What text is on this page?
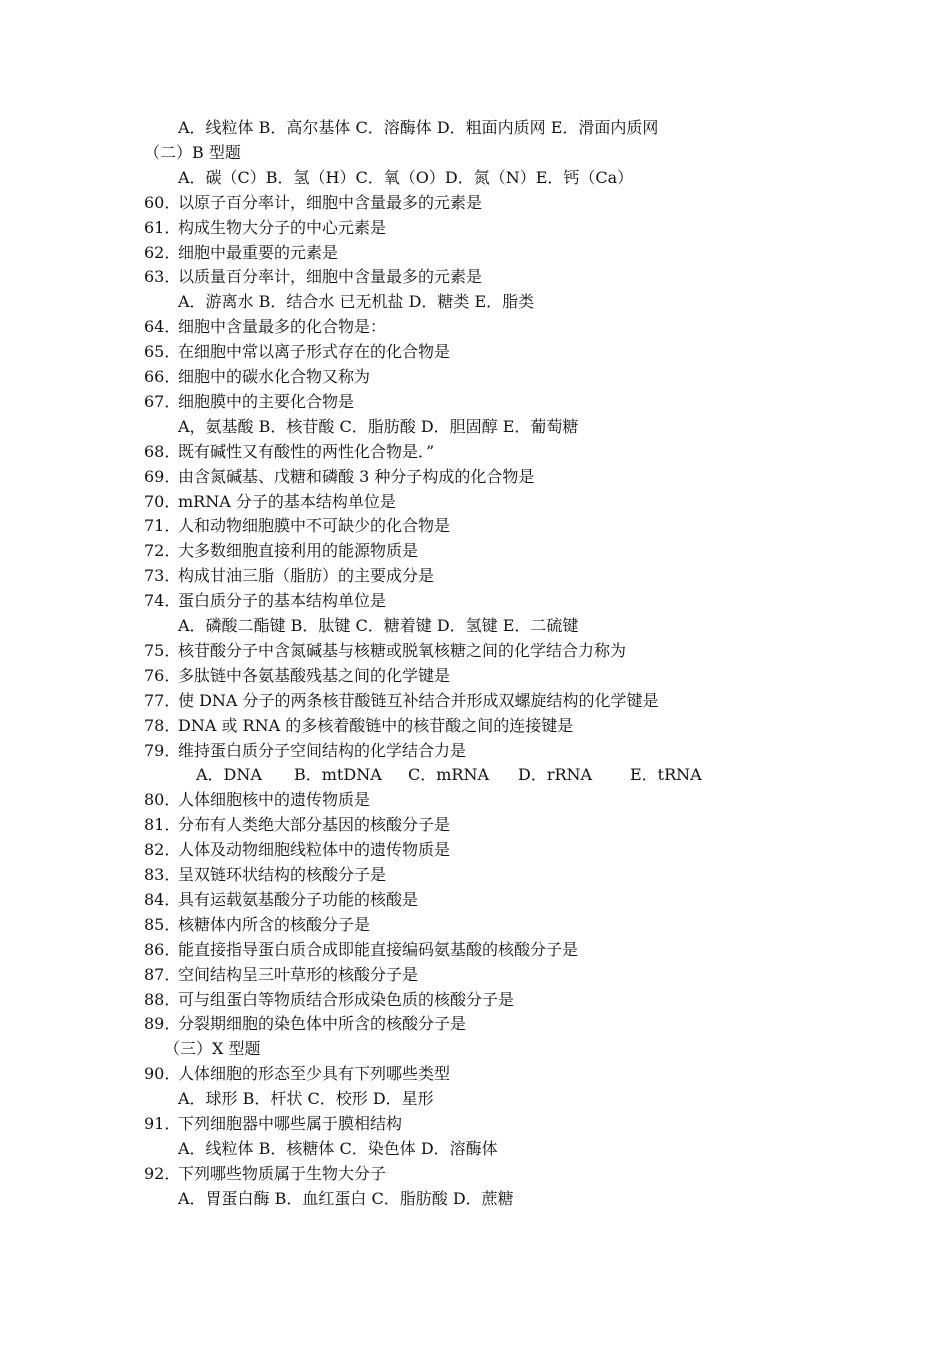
A．线粒体 B．高尔基体 C．溶酶体 D．粗面内质网 E．滑面内质网
（二）B 型题
A．碳（C）B．氢（H）C．氧（O）D．氮（N）E．钙（Ca）
60．以原子百分率计，细胞中含量最多的元素是
61．构成生物大分子的中心元素是
62．细胞中最重要的元素是
63．以质量百分率计，细胞中含量最多的元素是
A．游离水 B．结合水 已无机盐 D．糖类 E．脂类
64．细胞中含量最多的化合物是：
65．在细胞中常以离子形式存在的化合物是
66．细胞中的碳水化合物又称为
67．细胞膜中的主要化合物是
A，氨基酸 B．核苷酸 C．脂肪酸 D．胆固醇 E．葡萄糖
68．既有碱性又有酸性的两性化合物是．”
69．由含氮碱基、戊糖和磷酸 3 种分子构成的化合物是
70．mRNA 分子的基本结构单位是
71．人和动物细胞膜中不可缺少的化合物是
72．大多数细胞直接利用的能源物质是
73．构成甘油三脂（脂肪）的主要成分是
74．蛋白质分子的基本结构单位是
A．磷酸二酯键 B．肽键 C．糖着键 D．氢键 E．二硫键
75．核苷酸分子中含氮碱基与核糖或脱氧核糖之间的化学结合力称为
76．多肽链中各氨基酸残基之间的化学键是
77．使 DNA 分子的两条核苷酸链互补结合并形成双螺旋结构的化学键是
78．DNA 或 RNA 的多核着酸链中的核苷酸之间的连接键是
79．维持蛋白质分子空间结构的化学结合力是
A．DNA B．mtDNA C．mRNA D．rRNA E．tRNA
80．人体细胞核中的遗传物质是
81．分布有人类绝大部分基因的核酸分子是
82．人体及动物细胞线粒体中的遗传物质是
83．呈双链环状结构的核酸分子是
84．具有运载氨基酸分子功能的核酸是
85．核糖体内所含的核酸分子是
86．能直接指导蛋白质合成即能直接编码氨基酸的核酸分子是
87．空间结构呈三叶草形的核酸分子是
88．可与组蛋白等物质结合形成染色质的核酸分子是
89．分裂期细胞的染色体中所含的核酸分子是
（三）X 型题
90．人体细胞的形态至少具有下列哪些类型
A．球形 B．杆状 C．校形 D．星形
91．下列细胞器中哪些属于膜相结构
A．线粒体 B．核糖体 C．染色体 D．溶酶体
92．下列哪些物质属于生物大分子
A．胃蛋白酶 B．血红蛋白 C．脂肪酸 D．蔗糖
